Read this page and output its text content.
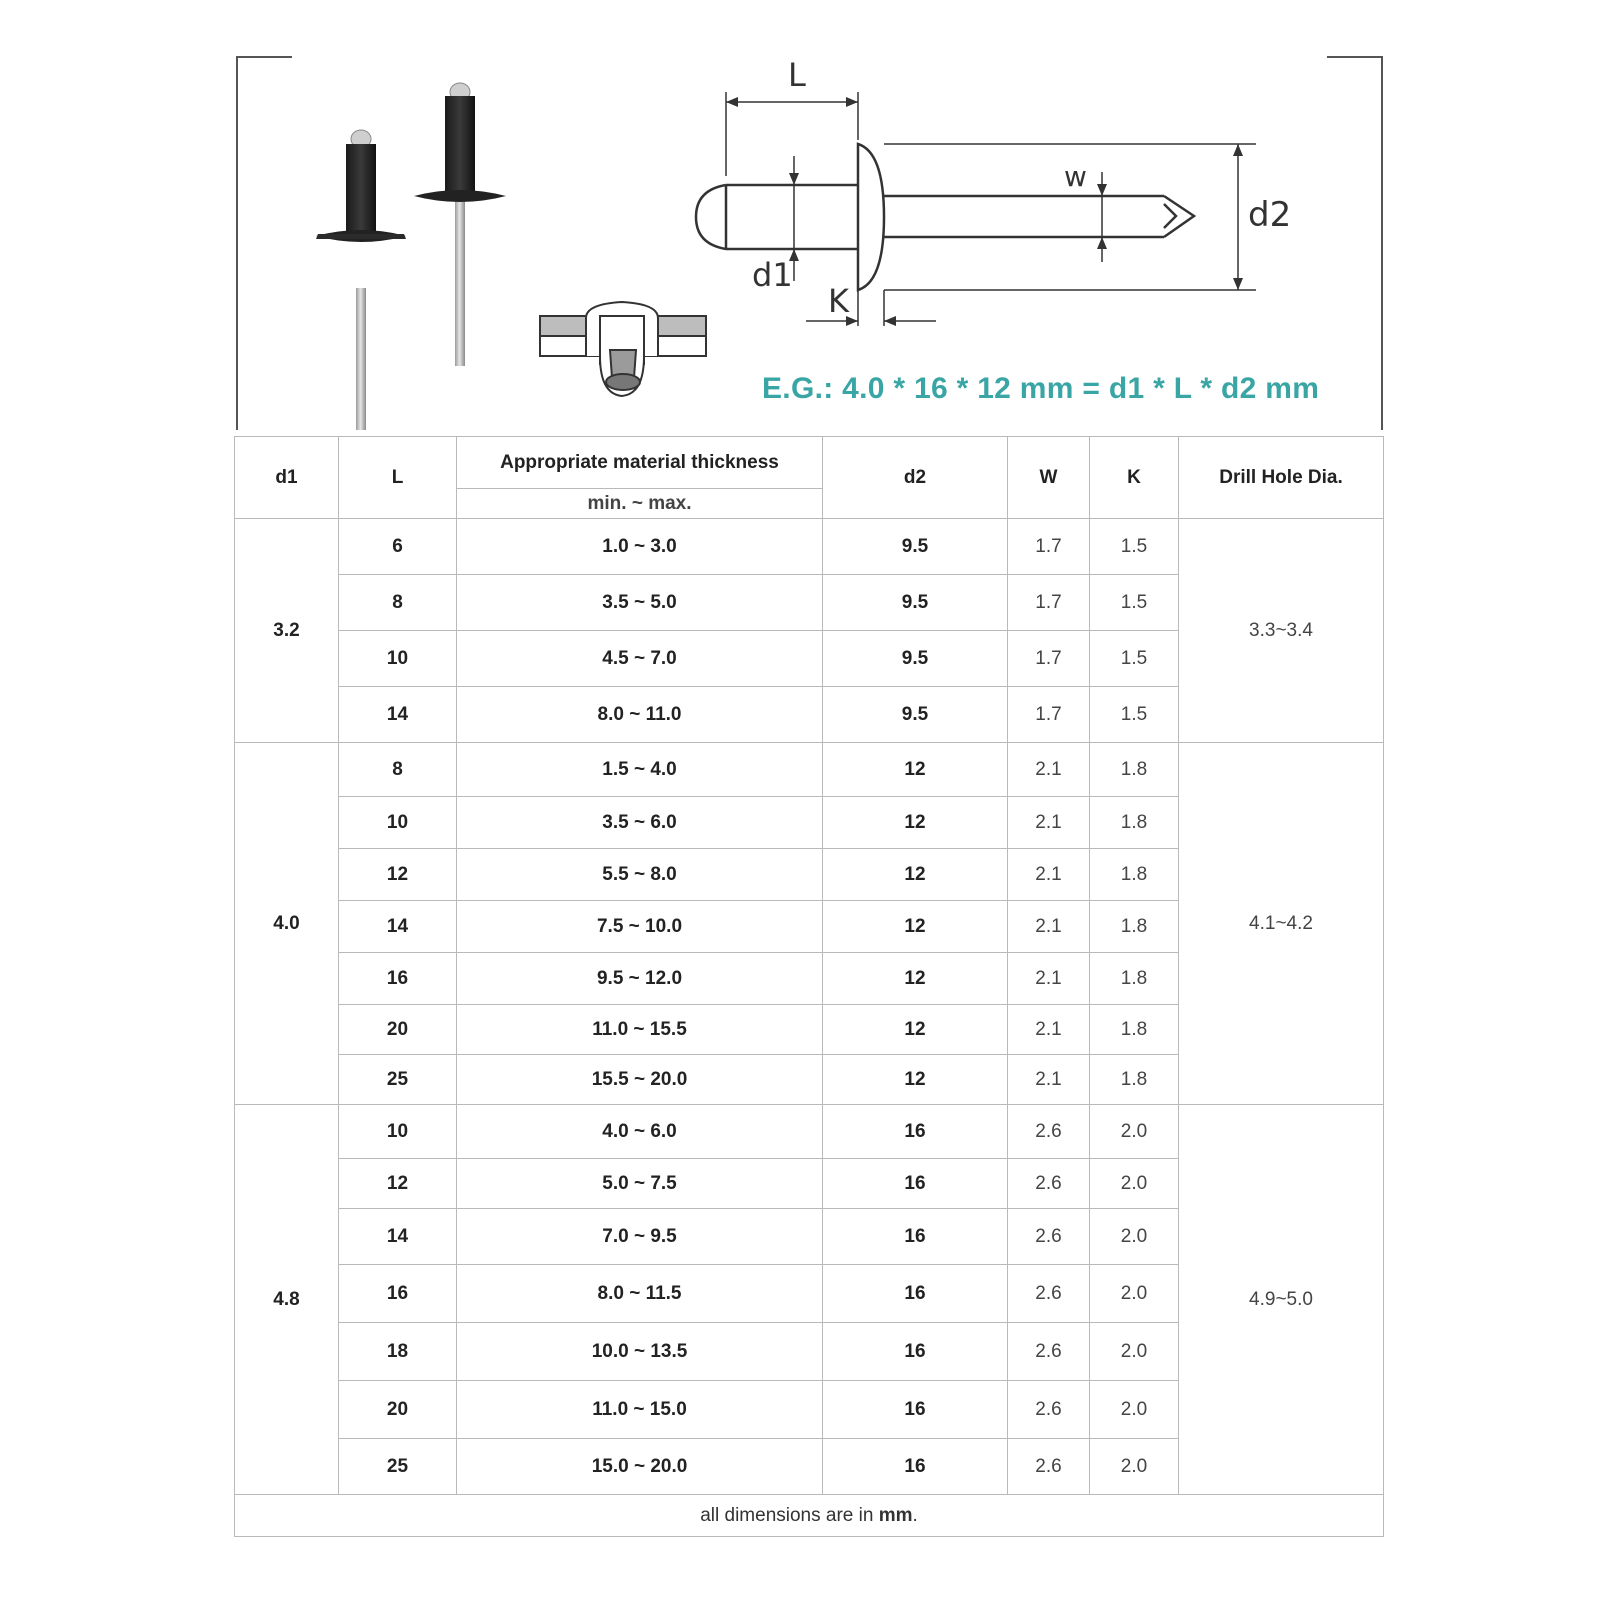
L
d1
d2
w
K
E.G.: 4.0 * 16 * 12 mm = d1 * L * d2 mm
d1	L	Appropriate material thickness	d2	W	K	Drill Hole Dia.
		min. ~ max.				
3.2	6	1.0 ~ 3.0	9.5	1.7	1.5	3.3~3.4
	8	3.5 ~ 5.0	9.5	1.7	1.5	
	10	4.5 ~ 7.0	9.5	1.7	1.5	
	14	8.0 ~ 11.0	9.5	1.7	1.5	
4.0	8	1.5 ~ 4.0	12	2.1	1.8	4.1~4.2
	10	3.5 ~ 6.0	12	2.1	1.8	
	12	5.5 ~ 8.0	12	2.1	1.8	
	14	7.5 ~ 10.0	12	2.1	1.8	
	16	9.5 ~ 12.0	12	2.1	1.8	
	20	11.0 ~ 15.5	12	2.1	1.8	
	25	15.5 ~ 20.0	12	2.1	1.8	
4.8	10	4.0 ~ 6.0	16	2.6	2.0	4.9~5.0
	12	5.0 ~ 7.5	16	2.6	2.0	
	14	7.0 ~ 9.5	16	2.6	2.0	
	16	8.0 ~ 11.5	16	2.6	2.0	
	18	10.0 ~ 13.5	16	2.6	2.0	
	20	11.0 ~ 15.0	16	2.6	2.0	
	25	15.0 ~ 20.0	16	2.6	2.0	
all dimensions are in mm.						
